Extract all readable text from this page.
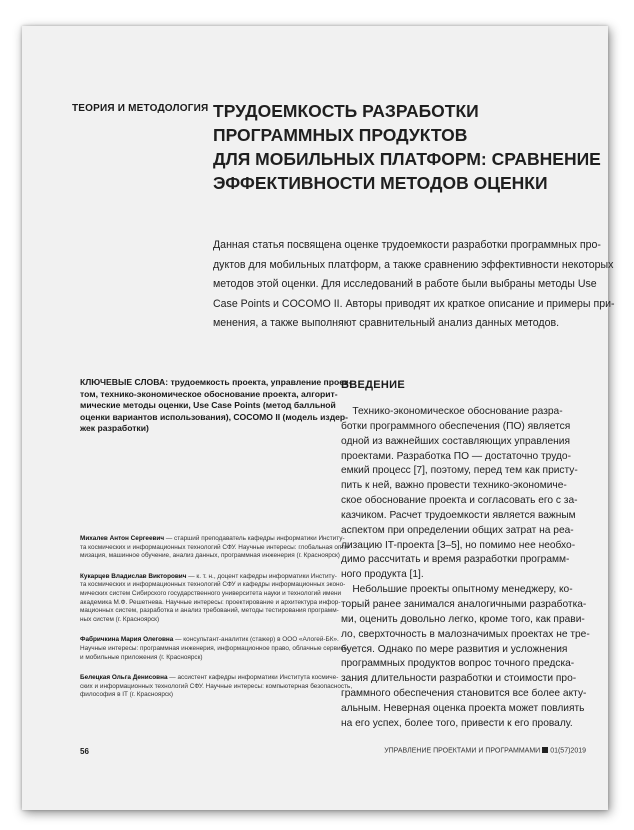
ТЕОРИЯ И МЕТОДОЛОГИЯ ТРУДОЕМКОСТЬ РАЗРАБОТКИ
ПРОГРАММНЫХ ПРОДУКТОВ
ДЛЯ МОБИЛЬНЫХ ПЛАТФОРМ: СРАВНЕНИЕ
ЭФФЕКТИВНОСТИ МЕТОДОВ ОЦЕНКИ
Данная статья посвящена оценке трудоемкости разработки программных про-
дуктов для мобильных платформ, а также сравнению эффективности некоторых
методов этой оценки. Для исследований в работе были выбраны методы Use
Case Points и COCOMO II. Авторы приводят их краткое описание и примеры при-
менения, а также выполняют сравнительный анализ данных методов.
КЛЮЧЕВЫЕ СЛОВА: трудоемкость проекта, управление проек-
том, технико-экономическое обоснование проекта, алгорит-
мические методы оценки, Use Case Points (метод балльной
оценки вариантов использования), COCOMO II (модель издер-
жек разработки)
Михалев Антон Сергеевич — старший преподаватель кафедры информатики Институ-
та космических и информационных технологий СФУ. Научные интересы: глобальная опти-
мизация, машинное обучение, анализ данных, программная инженерия (г. Красноярск)
Кукарцев Владислав Викторович — к. т. н., доцент кафедры информатики Институ-
та космических и информационных технологий СФУ и кафедры информационных эконо-
мических систем Сибирского государственного университета науки и технологий имени
академика М.Ф. Решетнева. Научные интересы: проектирование и архитектура инфор-
мационных систем, разработка и анализ требований, методы тестирования программ-
ных систем (г. Красноярск)
Фабричкина Мария Олеговна — консультант-аналитик (стажер) в ООО «Алогей-БК».
Научные интересы: программная инженерия, информационное право, облачные сервисы
и мобильные приложения (г. Красноярск)
Белецкая Ольга Денисовна — ассистент кафедры информатики Института космиче-
ских и информационных технологий СФУ. Научные интересы: компьютерная безопасность,
философия в IT (г. Красноярск)
ВВЕДЕНИЕ
Технико-экономическое обоснование разра-
ботки программного обеспечения (ПО) является
одной из важнейших составляющих управления
проектами. Разработка ПО — достаточно трудо-
емкий процесс [7], поэтому, перед тем как присту-
пить к ней, важно провести технико-экономиче-
ское обоснование проекта и согласовать его с за-
казчиком. Расчет трудоемкости является важным
аспектом при определении общих затрат на реа-
лизацию IT-проекта [3–5], но помимо нее необхо-
димо рассчитать и время разработки программ-
ного продукта [1].
Небольшие проекты опытному менеджеру, ко-
торый ранее занимался аналогичными разработка-
ми, оценить довольно легко, кроме того, как прави-
ло, сверхточность в малозначимых проектах не тре-
буется. Однако по мере развития и усложнения
программных продуктов вопрос точного предска-
зания длительности разработки и стоимости про-
граммного обеспечения становится все более акту-
альным. Неверная оценка проекта может повлиять
на его успех, более того, привести к его провалу.
56	УПРАВЛЕНИЕ ПРОЕКТАМИ И ПРОГРАММАМИ 01(57)2019
